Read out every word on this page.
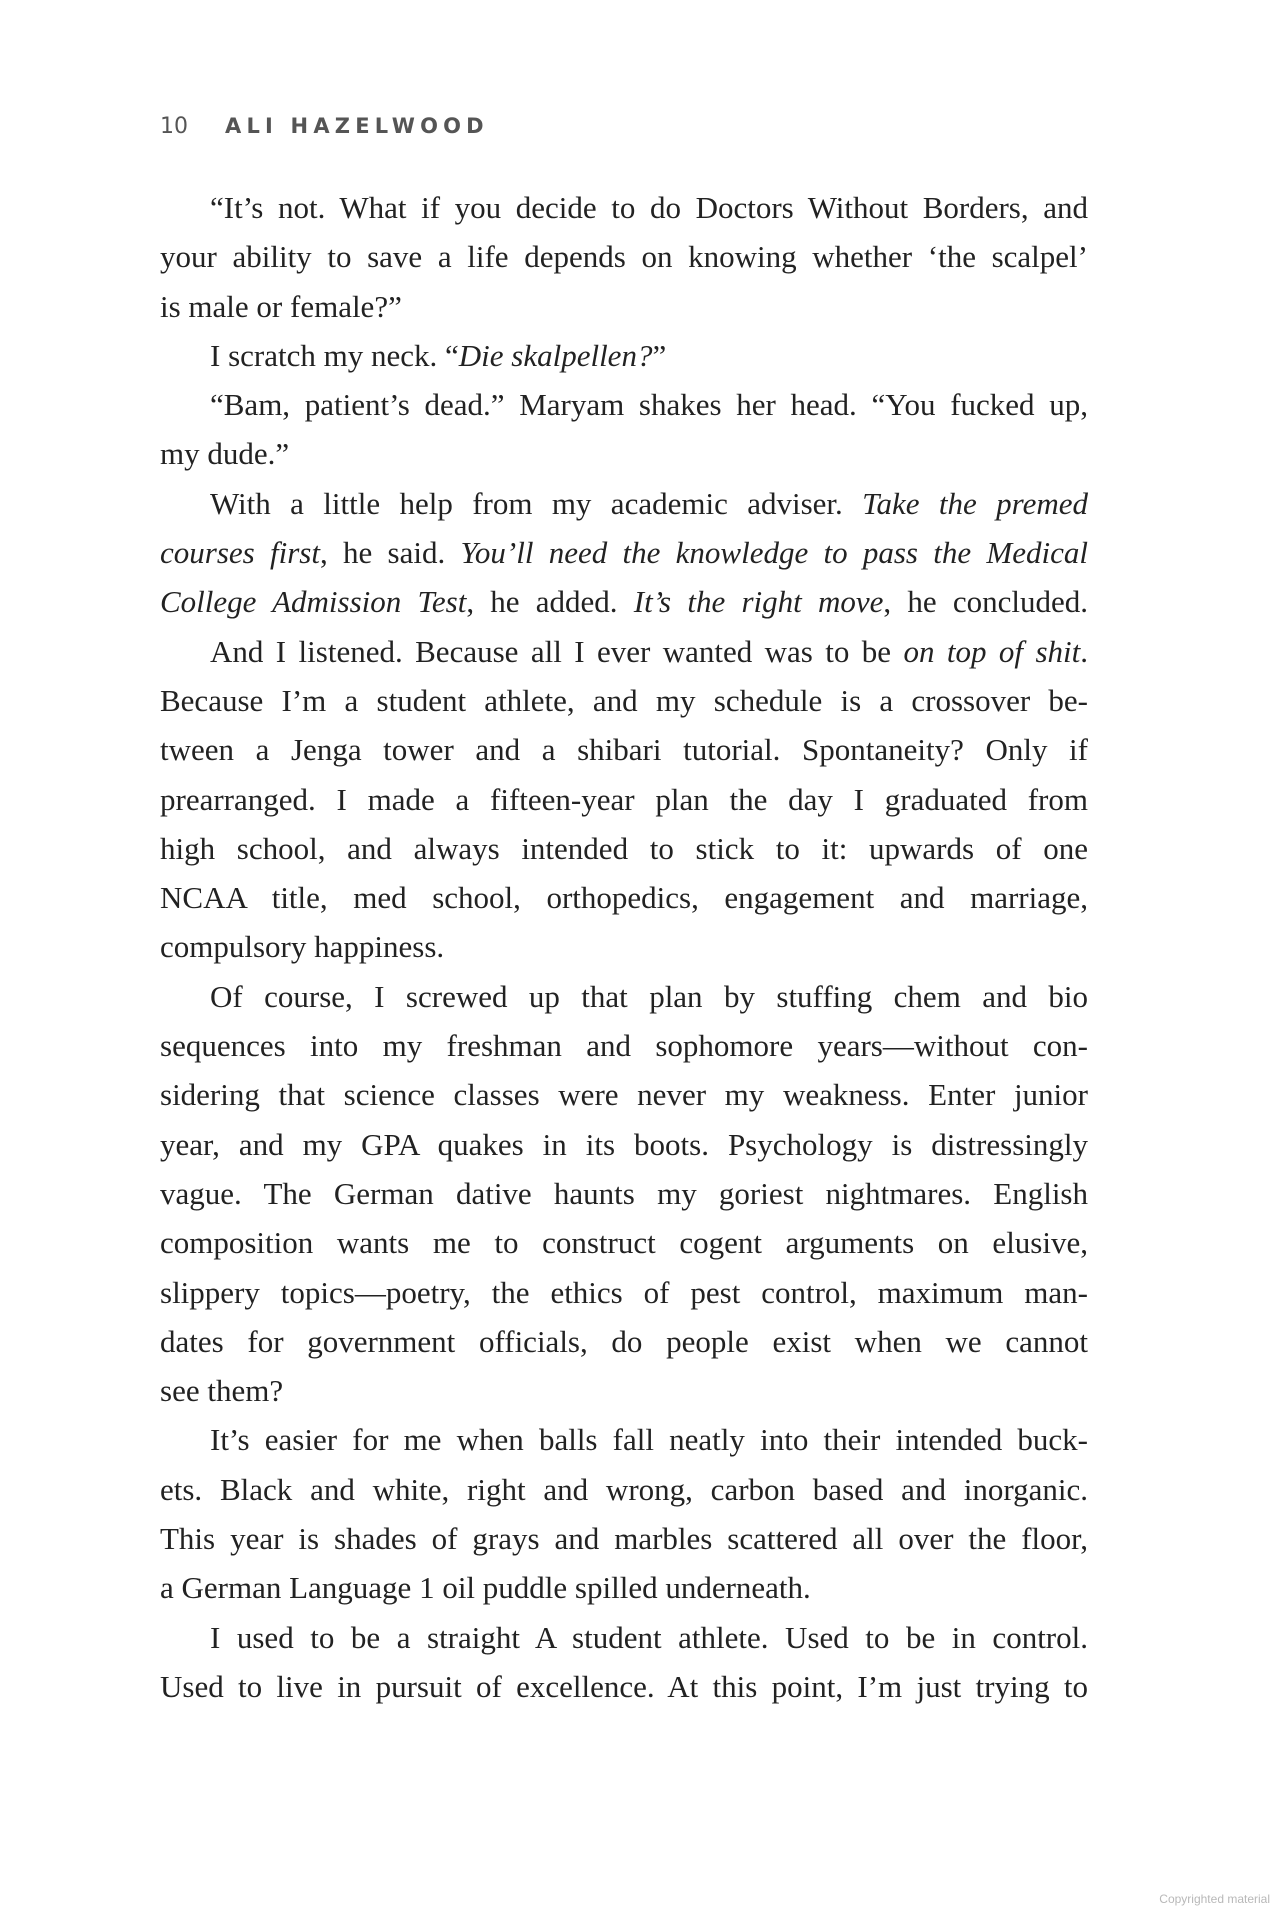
10 ALI HAZELWOOD
“It’s not. What if you decide to do Doctors Without Borders, and
your ability to save a life depends on knowing whether ‘the scalpel’
is male or female?”
I scratch my neck. “Die skalpellen?”
“Bam, patient’s dead.” Maryam shakes her head. “You fucked up,
my dude.”
With a little help from my academic adviser. Take the premed
courses first, he said. You’ll need the knowledge to pass the Medical
College Admission Test, he added. It’s the right move, he concluded.
And I listened. Because all I ever wanted was to be on top of shit.
Because I’m a student athlete, and my schedule is a crossover be-
tween a Jenga tower and a shibari tutorial. Spontaneity? Only if
prearranged. I made a fifteen-year plan the day I graduated from
high school, and always intended to stick to it: upwards of one
NCAA title, med school, orthopedics, engagement and marriage,
compulsory happiness.
Of course, I screwed up that plan by stuffing chem and bio
sequences into my freshman and sophomore years—without con-
sidering that science classes were never my weakness. Enter junior
year, and my GPA quakes in its boots. Psychology is distressingly
vague. The German dative haunts my goriest nightmares. English
composition wants me to construct cogent arguments on elusive,
slippery topics—poetry, the ethics of pest control, maximum man-
dates for government officials, do people exist when we cannot
see them?
It’s easier for me when balls fall neatly into their intended buck-
ets. Black and white, right and wrong, carbon based and inorganic.
This year is shades of grays and marbles scattered all over the floor,
a German Language 1 oil puddle spilled underneath.
I used to be a straight A student athlete. Used to be in control.
Used to live in pursuit of excellence. At this point, I’m just trying to
Copyrighted material
